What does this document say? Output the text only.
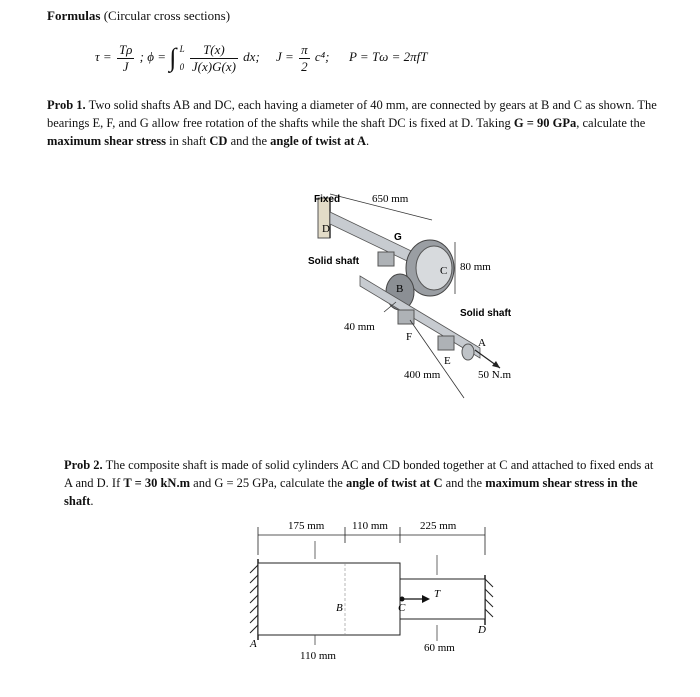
Formulas (Circular cross sections)
$\tau = \frac{T\rho}{J}$ ; ϕ = ∫ L
0
$\frac{T(x)}{J(x)G(x)}$ dx; $J = \frac{\pi}{2} c^4$; P = Tω = 2πfT
Prob 1. Two solid shafts AB and DC, each having a diameter of 40 mm, are connected by gears at B and C as shown. The bearings E, F, and G allow free rotation of the shafts while the shaft DC is fixed at D. Taking G = 90 GPa, calculate the maximum shear stress in shaft CD and the angle of twist at A.
Fixed	650 mm
G
D
Solid shaft	80 mm
40 mm
Solid shaft
B
C
F
E
A
400 mm	50 N.m
Prob 2. The composite shaft is made of solid cylinders AC and CD bonded together at C and attached to fixed ends at A and D. If T = 30 kN.m and G = 25 GPa, calculate the angle of twist at C and the maximum shear stress in the shaft.
175 mm	110 mm	225 mm
B	C
T
D
A
110 mm
60 mm
